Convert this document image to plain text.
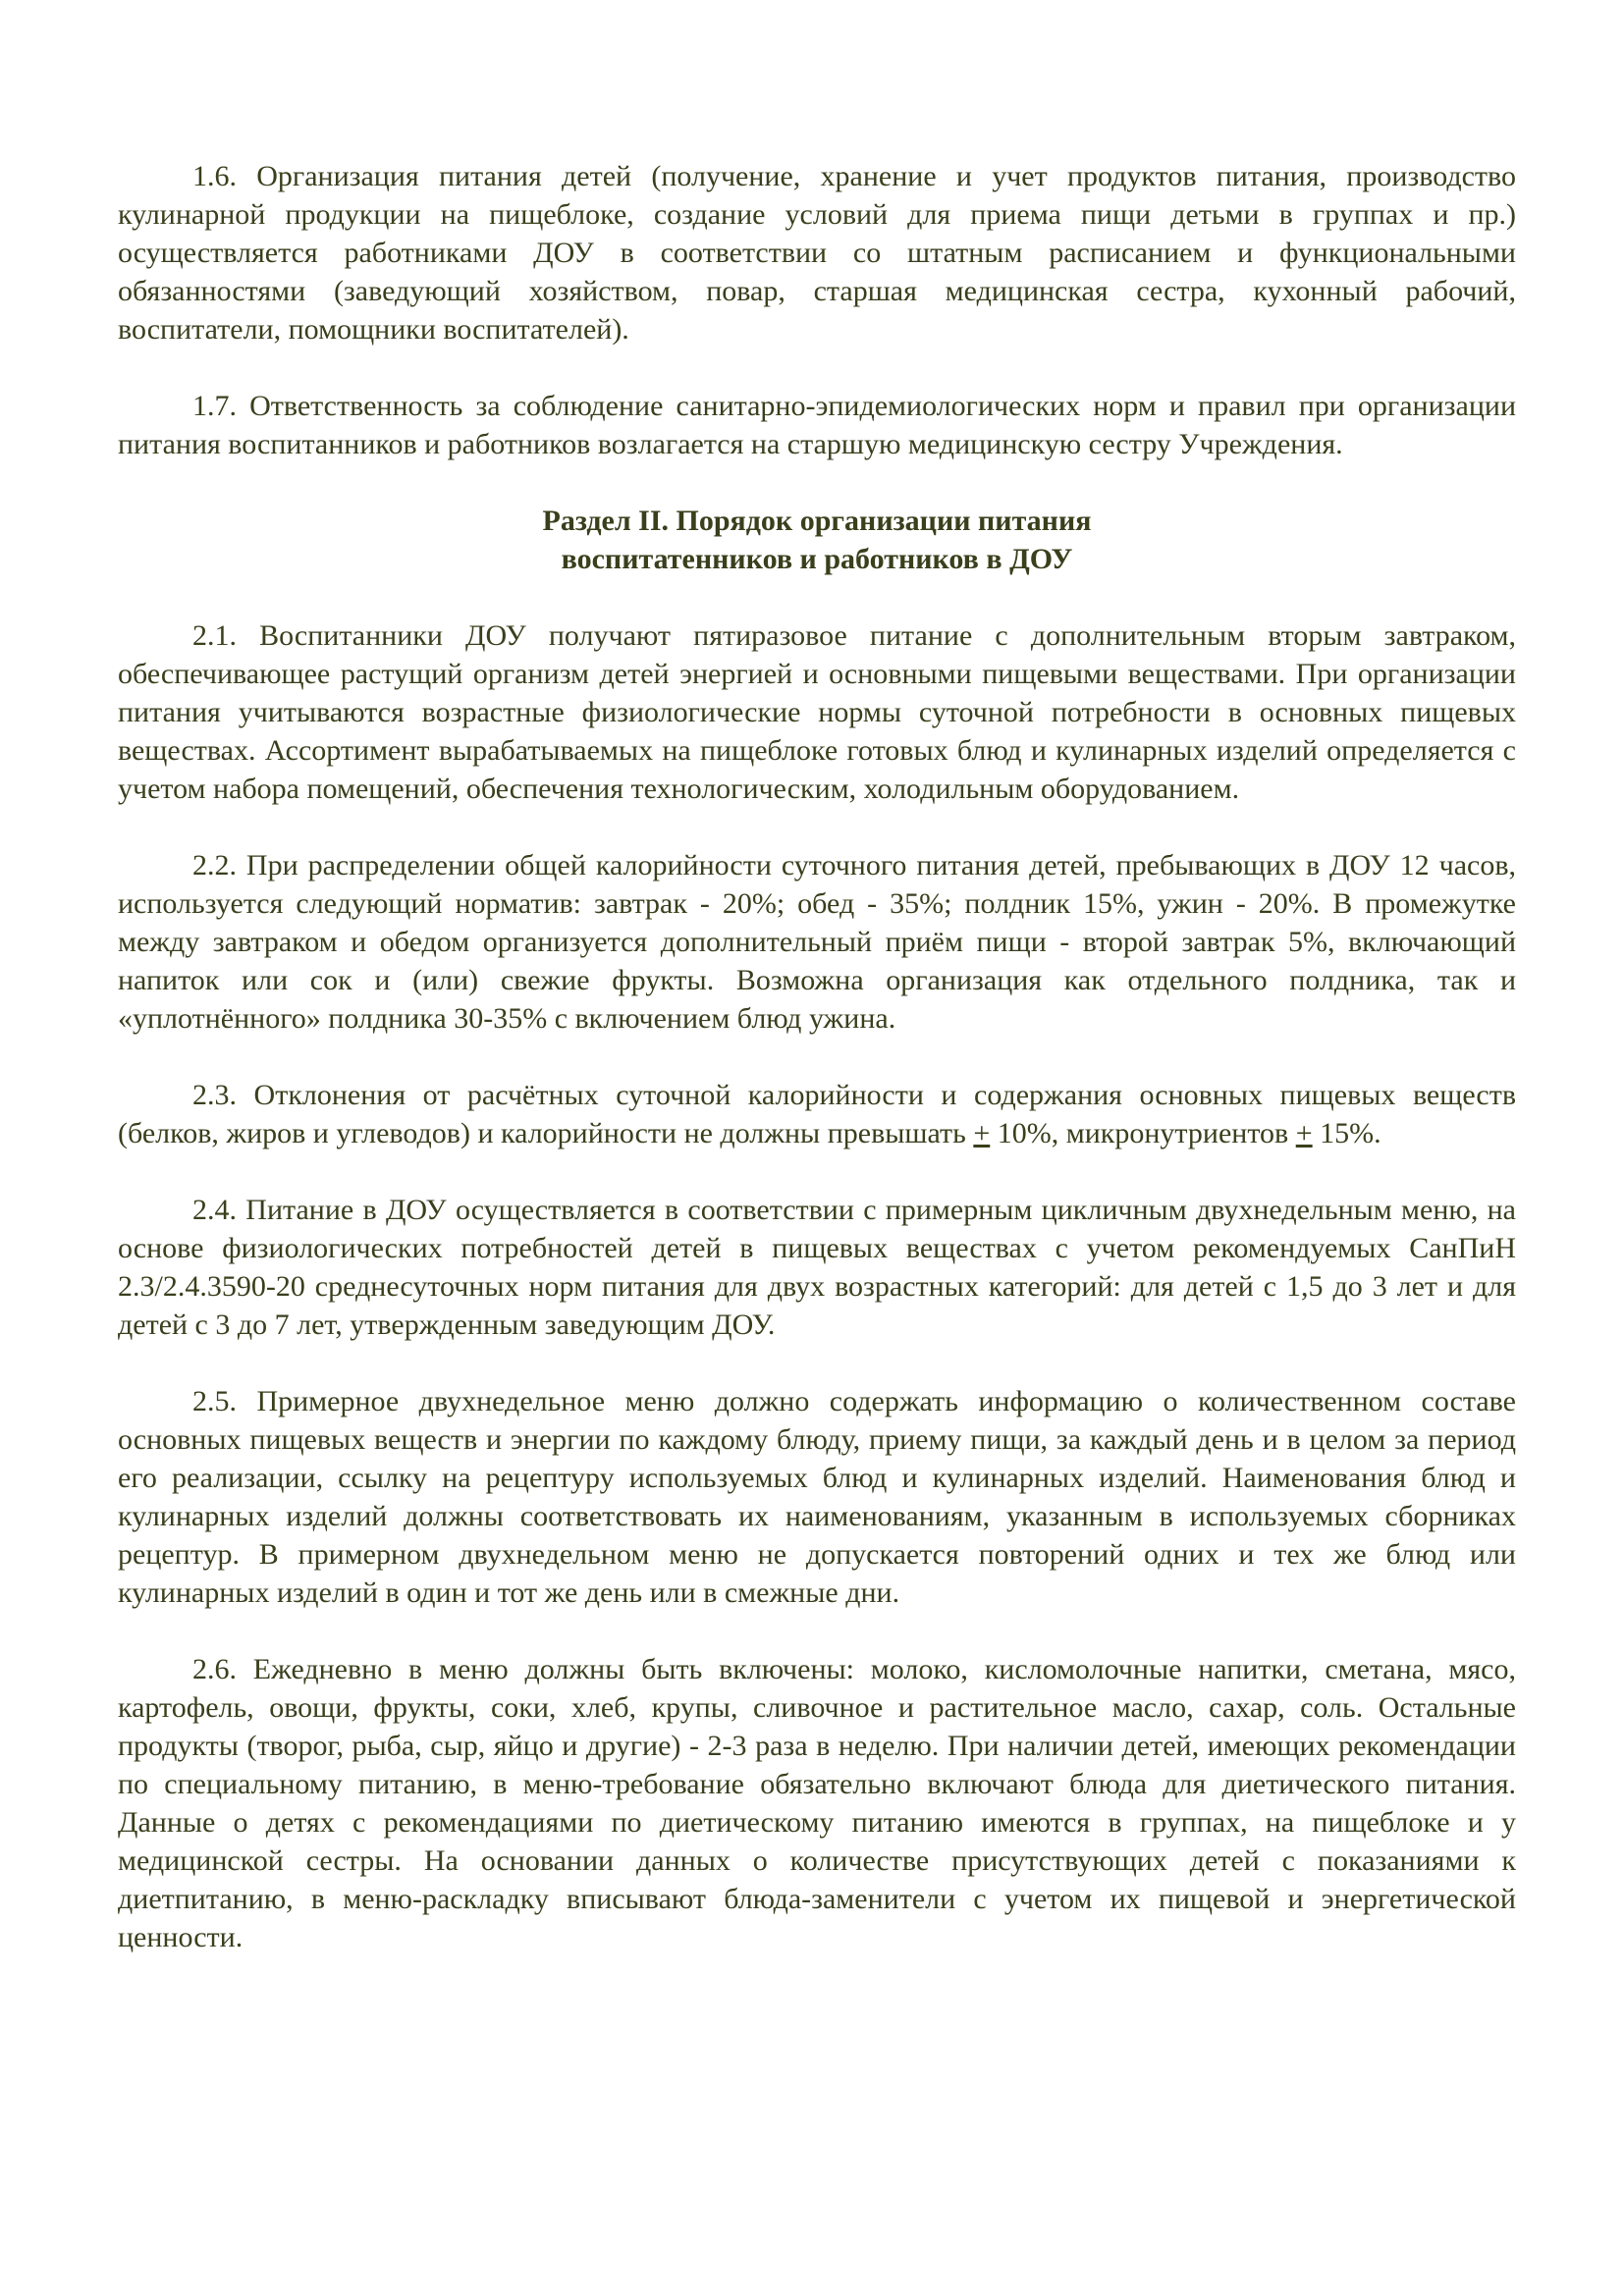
1.6. Организация питания детей (получение, хранение и учет продуктов питания, производство кулинарной продукции на пищеблоке, создание условий для приема пищи детьми в группах и пр.) осуществляется работниками ДОУ в соответствии со штатным расписанием и функциональными обязанностями (заведующий хозяйством, повар, старшая медицинская сестра, кухонный рабочий, воспитатели, помощники воспитателей).

1.7. Ответственность за соблюдение санитарно-эпидемиологических норм и правил при организации питания воспитанников и работников возлагается на старшую медицинскую сестру Учреждения.

Раздел II. Порядок организации питания
воспитатенников и работников в ДОУ

2.1. Воспитанники ДОУ получают пятиразовое питание с дополнительным вторым завтраком, обеспечивающее растущий организм детей энергией и основными пищевыми веществами. При организации питания учитываются возрастные физиологические нормы суточной потребности в основных пищевых веществах. Ассортимент вырабатываемых на пищеблоке готовых блюд и кулинарных изделий определяется с учетом набора помещений, обеспечения технологическим, холодильным оборудованием.

2.2. При распределении общей калорийности суточного питания детей, пребывающих в ДОУ 12 часов, используется следующий норматив: завтрак - 20%; обед - 35%; полдник 15%, ужин - 20%. В промежутке между завтраком и обедом организуется дополнительный приём пищи - второй завтрак 5%, включающий напиток или сок и (или) свежие фрукты. Возможна организация как отдельного полдника, так и «уплотнённого» полдника 30-35% с включением блюд ужина.

2.3. Отклонения от расчётных суточной калорийности и содержания основных пищевых веществ (белков, жиров и углеводов) и калорийности не должны превышать + 10%, микронутриентов + 15%.

2.4. Питание в ДОУ осуществляется в соответствии с примерным цикличным двухнедельным меню, на основе физиологических потребностей детей в пищевых веществах с учетом рекомендуемых СанПиН 2.3/2.4.3590-20 среднесуточных норм питания для двух возрастных категорий: для детей с 1,5 до 3 лет и для детей с 3 до 7 лет, утвержденным заведующим ДОУ.

2.5. Примерное двухнедельное меню должно содержать информацию о количественном составе основных пищевых веществ и энергии по каждому блюду, приему пищи, за каждый день и в целом за период его реализации, ссылку на рецептуру используемых блюд и кулинарных изделий. Наименования блюд и кулинарных изделий должны соответствовать их наименованиям, указанным в используемых сборниках рецептур. В примерном двухнедельном меню не допускается повторений одних и тех же блюд или кулинарных изделий в один и тот же день или в смежные дни.

2.6. Ежедневно в меню должны быть включены: молоко, кисломолочные напитки, сметана, мясо, картофель, овощи, фрукты, соки, хлеб, крупы, сливочное и растительное масло, сахар, соль. Остальные продукты (творог, рыба, сыр, яйцо и другие) - 2-3 раза в неделю. При наличии детей, имеющих рекомендации по специальному питанию, в меню-требование обязательно включают блюда для диетического питания. Данные о детях с рекомендациями по диетическому питанию имеются в группах, на пищеблоке и у медицинской сестры. На основании данных о количестве присутствующих детей с показаниями к диетпитанию, в меню-раскладку вписывают блюда-заменители с учетом их пищевой и энергетической ценности.
